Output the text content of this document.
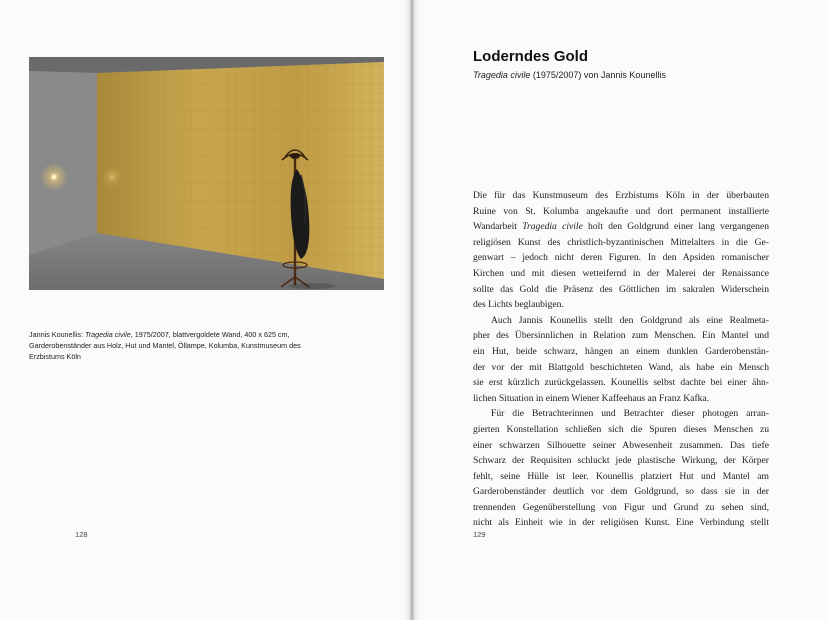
Jannis Kounellis: Tragedia civile, 1975/2007, blattvergoldete Wand, 400 x 625 cm,
Garderobenständer aus Holz, Hut und Mantel, Öllampe, Kolumba, Kunstmuseum des
Erzbistums Köln
128
Loderndes Gold

Tragedia civile (1975/2007) von Jannis Kounellis

Die für das Kunstmuseum des Erzbistums Köln in der überbauten
Ruine von St. Kolumba angekaufte und dort permanent installierte
Wandarbeit Tragedia civile holt den Goldgrund einer lang vergangenen
religiösen Kunst des christlich-byzantinischen Mittelalters in die Ge-
genwart – jedoch nicht deren Figuren. In den Apsiden romanischer
Kirchen und mit diesen wetteifernd in der Malerei der Renaissance
sollte das Gold die Präsenz des Göttlichen im sakralen Widerschein
des Lichts beglaubigen.

Auch Jannis Kounellis stellt den Goldgrund als eine Realmeta-
pher des Übersinnlichen in Relation zum Menschen. Ein Mantel und
ein Hut, beide schwarz, hängen an einem dunklen Garderobenstän-
der vor der mit Blattgold beschichteten Wand, als habe ein Mensch
sie erst kürzlich zurückgelassen. Kounellis selbst dachte bei einer ähn-
lichen Situation in einem Wiener Kaffeehaus an Franz Kafka.

Für die Betrachterinnen und Betrachter dieser photogen arran-
gierten Konstellation schließen sich die Spuren dieses Menschen zu
einer schwarzen Silhouette seiner Abwesenheit zusammen. Das tiefe
Schwarz der Requisiten schluckt jede plastische Wirkung, der Körper
fehlt, seine Hülle ist leer. Kounellis platziert Hut und Mantel am
Garderobenständer deutlich vor dem Goldgrund, so dass sie in der
trennenden Gegenüberstellung von Figur und Grund zu sehen sind,
nicht als Einheit wie in der religiösen Kunst. Eine Verbindung stellt

129
